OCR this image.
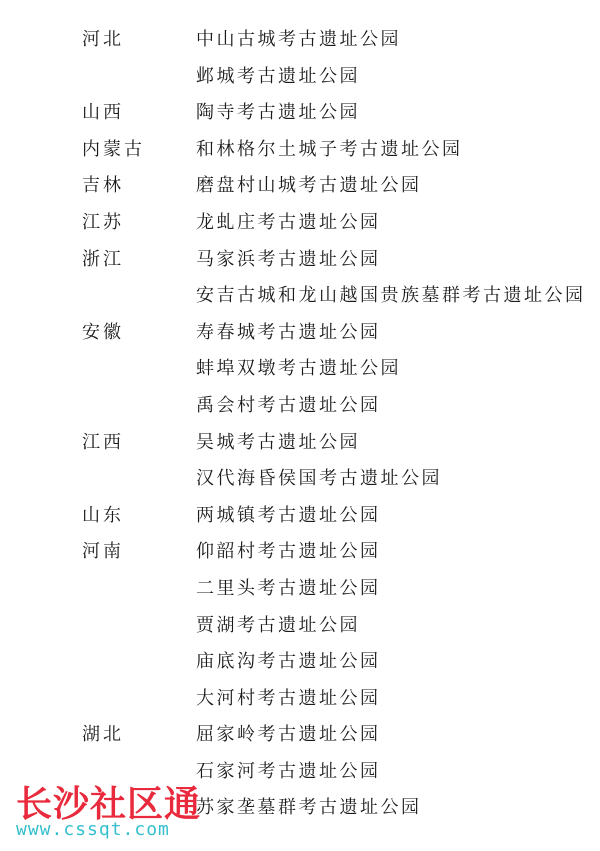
河北	中山古城考古遗址公园
邺城考古遗址公园
山西	陶寺考古遗址公园
内蒙古	和林格尔土城子考古遗址公园
吉林	磨盘村山城考古遗址公园
江苏	龙虬庄考古遗址公园
浙江	马家浜考古遗址公园
安吉古城和龙山越国贵族墓群考古遗址公园
安徽	寿春城考古遗址公园
蚌埠双墩考古遗址公园
禹会村考古遗址公园
江西	吴城考古遗址公园
汉代海昏侯国考古遗址公园
山东	两城镇考古遗址公园
河南	仰韶村考古遗址公园
二里头考古遗址公园
贾湖考古遗址公园
庙底沟考古遗址公园
大河村考古遗址公园
湖北	屈家岭考古遗址公园
石家河考古遗址公园
苏家垄墓群考古遗址公园
长沙社区通
www.cssqt.com
